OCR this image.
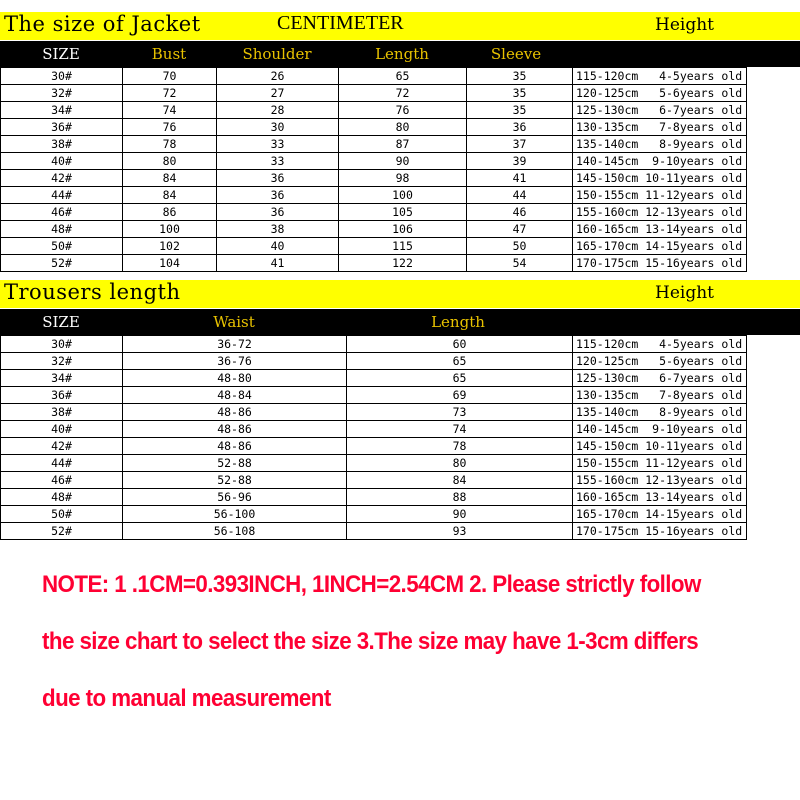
The size of Jacket	CENTIMETER	Height
SIZE	Bust	Shoulder	Length	Sleeve
30#	70	26	65	35	115-120cm   4-5years old
32#	72	27	72	35	120-125cm   5-6years old
34#	74	28	76	35	125-130cm   6-7years old
36#	76	30	80	36	130-135cm   7-8years old
38#	78	33	87	37	135-140cm   8-9years old
40#	80	33	90	39	140-145cm  9-10years old
42#	84	36	98	41	145-150cm 10-11years old
44#	84	36	100	44	150-155cm 11-12years old
46#	86	36	105	46	155-160cm 12-13years old
48#	100	38	106	47	160-165cm 13-14years old
50#	102	40	115	50	165-170cm 14-15years old
52#	104	41	122	54	170-175cm 15-16years old
Trousers length	Height
SIZE	Waist	Length
30#	36-72	60	115-120cm   4-5years old
32#	36-76	65	120-125cm   5-6years old
34#	48-80	65	125-130cm   6-7years old
36#	48-84	69	130-135cm   7-8years old
38#	48-86	73	135-140cm   8-9years old
40#	48-86	74	140-145cm  9-10years old
42#	48-86	78	145-150cm 10-11years old
44#	52-88	80	150-155cm 11-12years old
46#	52-88	84	155-160cm 12-13years old
48#	56-96	88	160-165cm 13-14years old
50#	56-100	90	165-170cm 14-15years old
52#	56-108	93	170-175cm 15-16years old
NOTE: 1 .1CM=0.393INCH, 1INCH=2.54CM 2. Please strictly follow the size chart to select the size 3.The size may have 1-3cm differs due to manual measurement
